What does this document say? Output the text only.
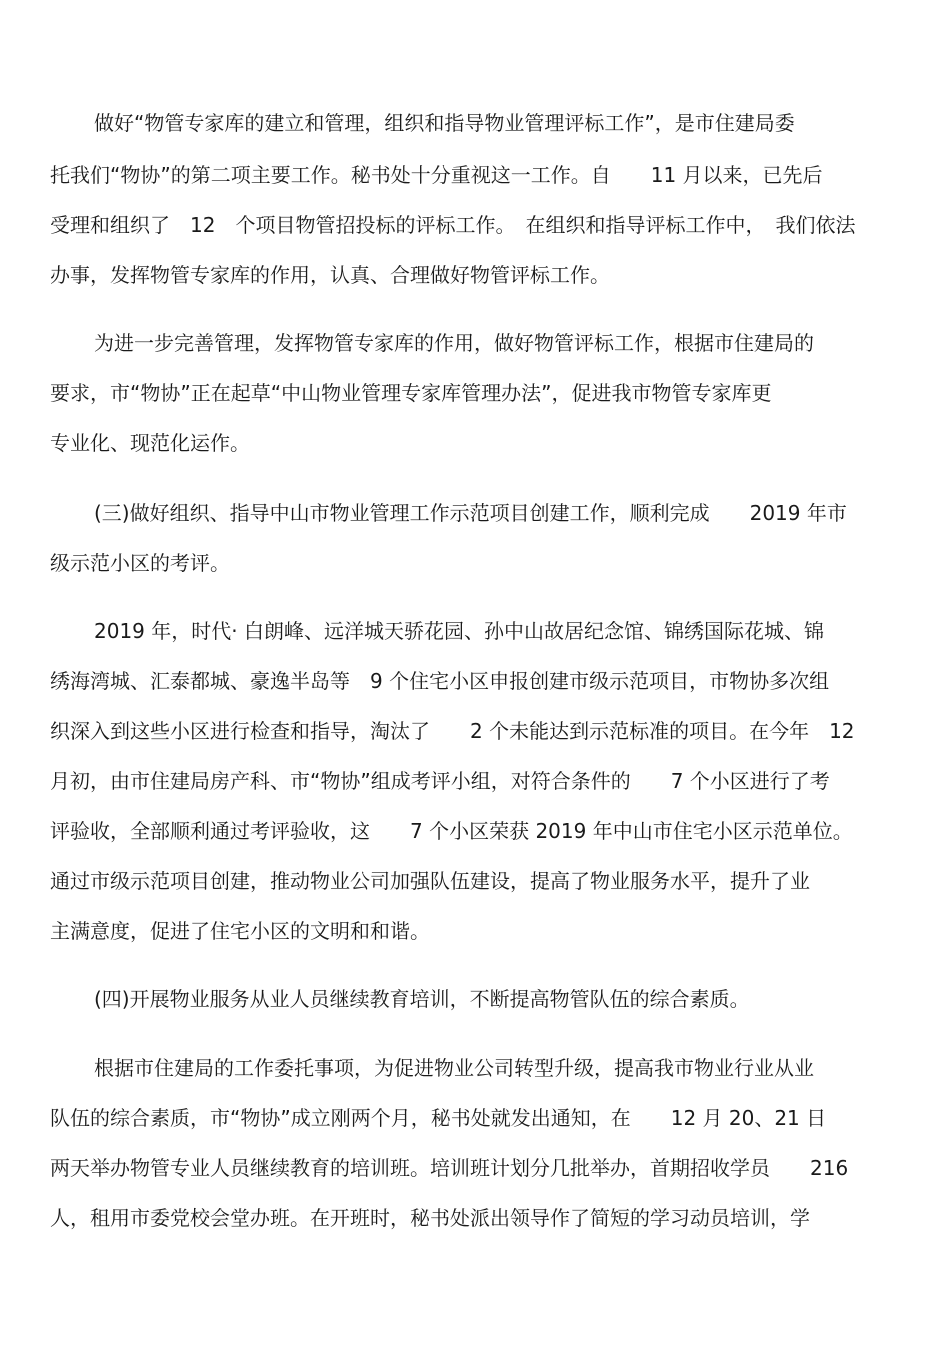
做好“物管专家库的建立和管理，组织和指导物业管理评标工作”，是市住建局委
托我们“物协”的第二项主要工作。秘书处十分重视这一工作。自　　11 月以来，已先后
受理和组织了　12　个项目物管招投标的评标工作。　在组织和指导评标工作中，　我们依法
办事，发挥物管专家库的作用，认真、合理做好物管评标工作。
为进一步完善管理，发挥物管专家库的作用，做好物管评标工作，根据市住建局的
要求，市“物协”正在起草“中山物业管理专家库管理办法”，促进我市物管专家库更
专业化、现范化运作。
(三)做好组织、指导中山市物业管理工作示范项目创建工作，顺利完成　　2019 年市
级示范小区的考评。
2019 年，时代· 白朗峰、远洋城天骄花园、孙中山故居纪念馆、锦绣国际花城、锦
绣海湾城、汇泰都城、豪逸半岛等　9 个住宅小区申报创建市级示范项目，市物协多次组
织深入到这些小区进行检查和指导，淘汰了　　2 个未能达到示范标准的项目。在今年　12
月初，由市住建局房产科、市“物协”组成考评小组，对符合条件的　　7 个小区进行了考
评验收，全部顺利通过考评验收，这　　7 个小区荣获 2019 年中山市住宅小区示范单位。
通过市级示范项目创建，推动物业公司加强队伍建设，提高了物业服务水平，提升了业
主满意度，促进了住宅小区的文明和和谐。
(四)开展物业服务从业人员继续教育培训，不断提高物管队伍的综合素质。
根据市住建局的工作委托事项，为促进物业公司转型升级，提高我市物业行业从业
队伍的综合素质，市“物协”成立刚两个月，秘书处就发出通知，在　　12 月 20、21 日
两天举办物管专业人员继续教育的培训班。培训班计划分几批举办，首期招收学员　　216
人，租用市委党校会堂办班。在开班时，秘书处派出领导作了简短的学习动员培训，学
